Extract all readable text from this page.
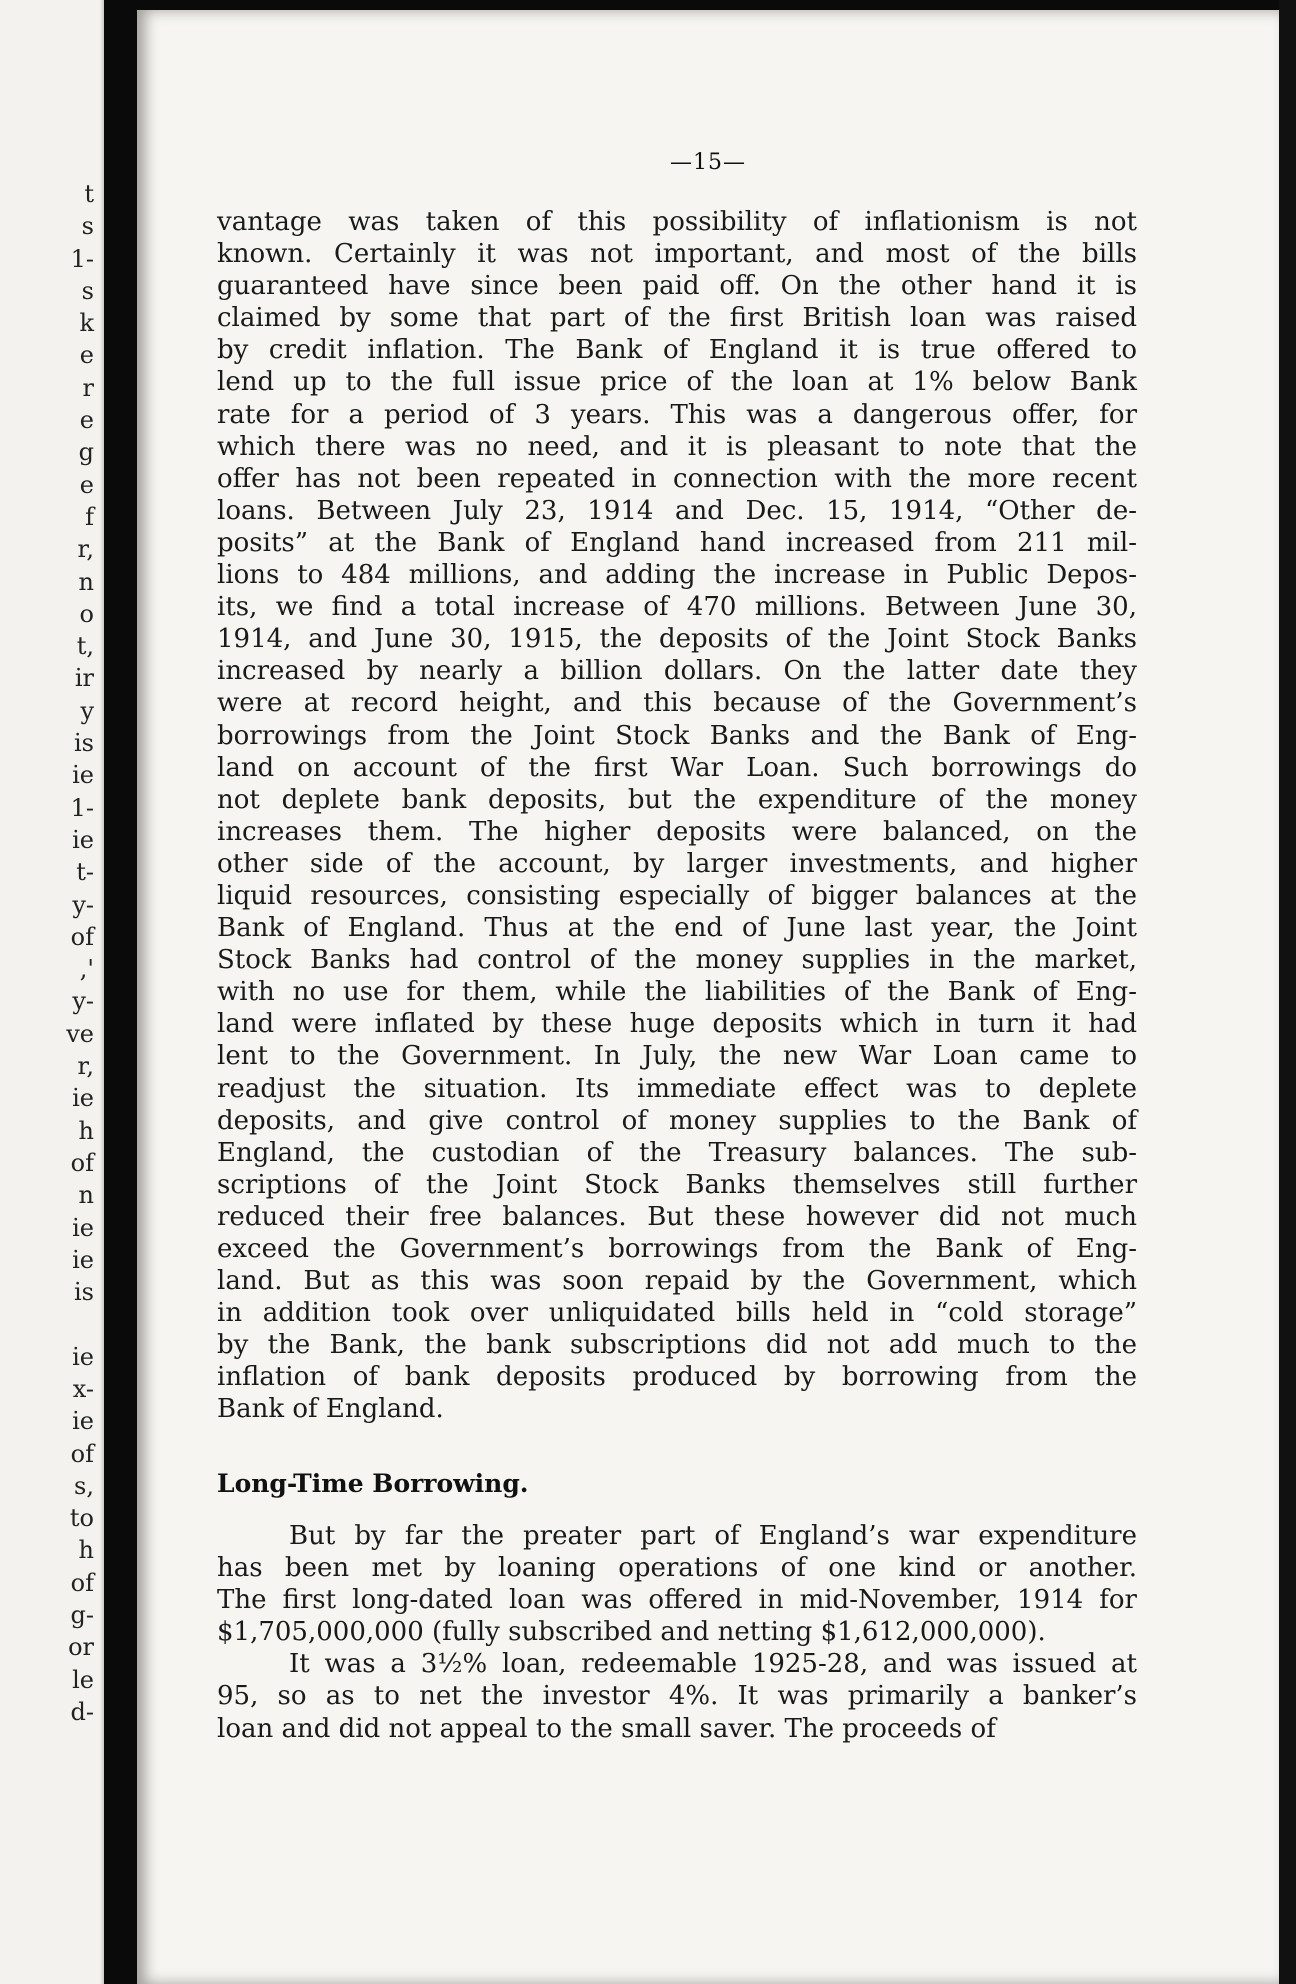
t
s
1-
s
k
e
r
e
g
e
f
r,
n
o
t,
ir
y
is
ie
1-
ie
t-
y-
of
,'
y-
ve
r,
ie
h
of
n
ie
ie
is
ie
x-
ie
of
s,
to
h
of
g-
or
le
d-
—15—
vantage was taken of this possibility of inflationism is not
known. Certainly it was not important, and most of the bills
guaranteed have since been paid off. On the other hand it is
claimed by some that part of the first British loan was raised
by credit inflation. The Bank of England it is true offered to
lend up to the full issue price of the loan at 1% below Bank
rate for a period of 3 years. This was a dangerous offer, for
which there was no need, and it is pleasant to note that the
offer has not been repeated in connection with the more recent
loans. Between July 23, 1914 and Dec. 15, 1914, “Other de-
posits” at the Bank of England hand increased from 211 mil-
lions to 484 millions, and adding the increase in Public Depos-
its, we find a total increase of 470 millions. Between June 30,
1914, and June 30, 1915, the deposits of the Joint Stock Banks
increased by nearly a billion dollars. On the latter date they
were at record height, and this because of the Government’s
borrowings from the Joint Stock Banks and the Bank of Eng-
land on account of the first War Loan. Such borrowings do
not deplete bank deposits, but the expenditure of the money
increases them. The higher deposits were balanced, on the
other side of the account, by larger investments, and higher
liquid resources, consisting especially of bigger balances at the
Bank of England. Thus at the end of June last year, the Joint
Stock Banks had control of the money supplies in the market,
with no use for them, while the liabilities of the Bank of Eng-
land were inflated by these huge deposits which in turn it had
lent to the Government. In July, the new War Loan came to
readjust the situation. Its immediate effect was to deplete
deposits, and give control of money supplies to the Bank of
England, the custodian of the Treasury balances. The sub-
scriptions of the Joint Stock Banks themselves still further
reduced their free balances. But these however did not much
exceed the Government’s borrowings from the Bank of Eng-
land. But as this was soon repaid by the Government, which
in addition took over unliquidated bills held in “cold storage”
by the Bank, the bank subscriptions did not add much to the
inflation of bank deposits produced by borrowing from the
Bank of England.
Long-Time Borrowing.
But by far the preater part of England’s war expenditure
has been met by loaning operations of one kind or another.
The first long-dated loan was offered in mid-November, 1914 for
$1,705,000,000 (fully subscribed and netting $1,612,000,000).
It was a 3½% loan, redeemable 1925-28, and was issued at
95, so as to net the investor 4%. It was primarily a banker’s
loan and did not appeal to the small saver. The proceeds of
